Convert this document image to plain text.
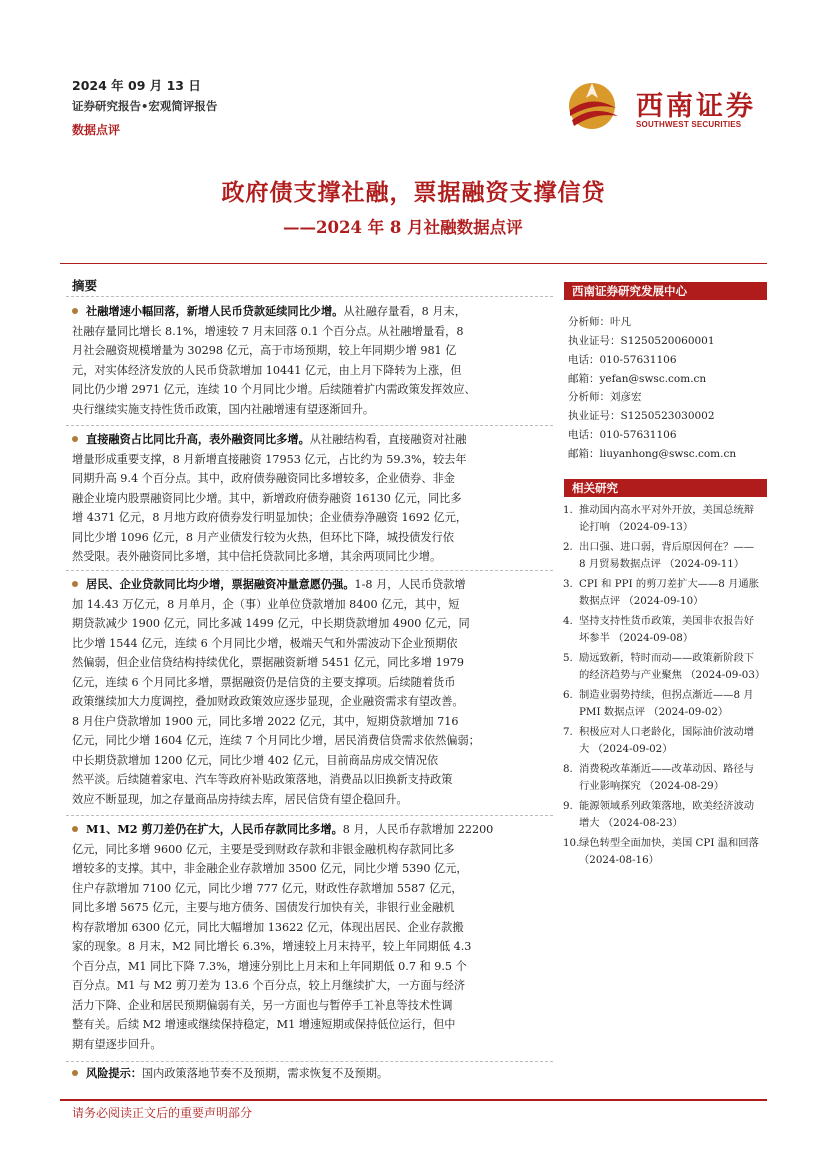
2024 年 09 月 13 日
证券研究报告•宏观简评报告
数据点评
西南证券
SOUTHWEST SECURITIES
政府债支撑社融，票据融资支撑信贷
——2024 年 8 月社融数据点评
摘要
社融增速小幅回落，新增人民币贷款延续同比少增。从社融存量看，8 月末，
社融存量同比增长 8.1%，增速较 7 月末回落 0.1 个百分点。从社融增量看，8
月社会融资规模增量为 30298 亿元，高于市场预期，较上年同期少增 981 亿
元，对实体经济发放的人民币贷款增加 10441 亿元，由上月下降转为上涨，但
同比仍少增 2971 亿元，连续 10 个月同比少增。后续随着扩内需政策发挥效应、
央行继续实施支持性货币政策，国内社融增速有望逐渐回升。
直接融资占比同比升高，表外融资同比多增。从社融结构看，直接融资对社融
增量形成重要支撑，8 月新增直接融资 17953 亿元，占比约为 59.3%，较去年
同期升高 9.4 个百分点。其中，政府债券融资同比多增较多，企业债券、非金
融企业境内股票融资同比少增。其中，新增政府债券融资 16130 亿元，同比多
增 4371 亿元，8 月地方政府债券发行明显加快；企业债券净融资 1692 亿元，
同比少增 1096 亿元，8 月产业债发行较为火热，但环比下降，城投债发行依
然受限。表外融资同比多增，其中信托贷款同比多增，其余两项同比少增。
居民、企业贷款同比均少增，票据融资冲量意愿仍强。1-8 月，人民币贷款增
加 14.43 万亿元，8 月单月，企（事）业单位贷款增加 8400 亿元，其中，短
期贷款减少 1900 亿元，同比多减 1499 亿元，中长期贷款增加 4900 亿元，同
比少增 1544 亿元，连续 6 个月同比少增，极端天气和外需波动下企业预期依
然偏弱，但企业信贷结构持续优化，票据融资新增 5451 亿元，同比多增 1979
亿元，连续 6 个月同比多增，票据融资仍是信贷的主要支撑项。后续随着货币
政策继续加大力度调控，叠加财政政策效应逐步显现，企业融资需求有望改善。
8 月住户贷款增加 1900 元，同比多增 2022 亿元，其中，短期贷款增加 716
亿元，同比少增 1604 亿元，连续 7 个月同比少增，居民消费信贷需求依然偏弱；
中长期贷款增加 1200 亿元，同比少增 402 亿元，目前商品房成交情况依
然平淡。后续随着家电、汽车等政府补贴政策落地，消费品以旧换新支持政策
效应不断显现，加之存量商品房持续去库，居民信贷有望企稳回升。
M1、M2 剪刀差仍在扩大，人民币存款同比多增。8 月，人民币存款增加 22200
亿元，同比多增 9600 亿元，主要是受到财政存款和非银金融机构存款同比多
增较多的支撑。其中，非金融企业存款增加 3500 亿元，同比少增 5390 亿元，
住户存款增加 7100 亿元，同比少增 777 亿元，财政性存款增加 5587 亿元，
同比多增 5675 亿元，主要与地方债务、国债发行加快有关，非银行业金融机
构存款增加 6300 亿元，同比大幅增加 13622 亿元，体现出居民、企业存款搬
家的现象。8 月末，M2 同比增长 6.3%，增速较上月末持平，较上年同期低 4.3
个百分点，M1 同比下降 7.3%，增速分别比上月末和上年同期低 0.7 和 9.5 个
百分点。M1 与 M2 剪刀差为 13.6 个百分点，较上月继续扩大，一方面与经济
活力下降、企业和居民预期偏弱有关，另一方面也与暂停手工补息等技术性调
整有关。后续 M2 增速或继续保持稳定，M1 增速短期或保持低位运行，但中
期有望逐步回升。
风险提示：国内政策落地节奏不及预期，需求恢复不及预期。
西南证券研究发展中心
分析师：叶凡
执业证号：S1250520060001
电话：010-57631106
邮箱：yefan@swsc.com.cn
分析师：刘彦宏
执业证号：S1250523030002
电话：010-57631106
邮箱：liuyanhong@swsc.com.cn
相关研究
1. 推动国内高水平对外开放，美国总统辩
论打响 （2024-09-13）
2. 出口强、进口弱，背后原因何在？——
8 月贸易数据点评 （2024-09-11）
3. CPI 和 PPI 的剪刀差扩大——8 月通胀
数据点评 （2024-09-10）
4. 坚持支持性货币政策，美国非农报告好
坏参半 （2024-09-08）
5. 励远致新，特时而动——政策新阶段下
的经济趋势与产业聚焦 （2024-09-03）
6. 制造业弱势持续，但拐点渐近——8 月
PMI 数据点评 （2024-09-02）
7. 积极应对人口老龄化，国际油价波动增
大 （2024-09-02）
8. 消费税改革渐近——改革动因、路径与
行业影响探究 （2024-08-29）
9. 能源领域系列政策落地，欧美经济波动
增大 （2024-08-23）
10. 绿色转型全面加快，美国 CPI 温和回落
（2024-08-16）
请务必阅读正文后的重要声明部分
